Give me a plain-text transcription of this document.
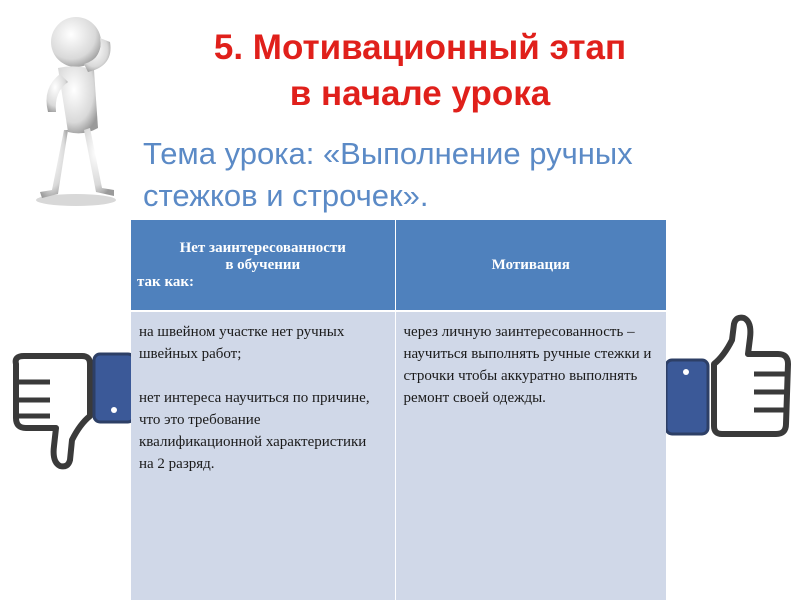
5. Мотивационный этап
в начале урока
Тема урока: «Выполнение ручных
стежков и строчек».
Нет заинтересованности
в обучении
так как:	Мотивация

на швейном участке нет ручных швейных работ;
нет интереса научиться по причине, что это требование квалификационной характеристики
на 2 разряд.	через личную заинтересованность – научиться выполнять ручные стежки и строчки чтобы аккуратно выполнять ремонт своей одежды.
